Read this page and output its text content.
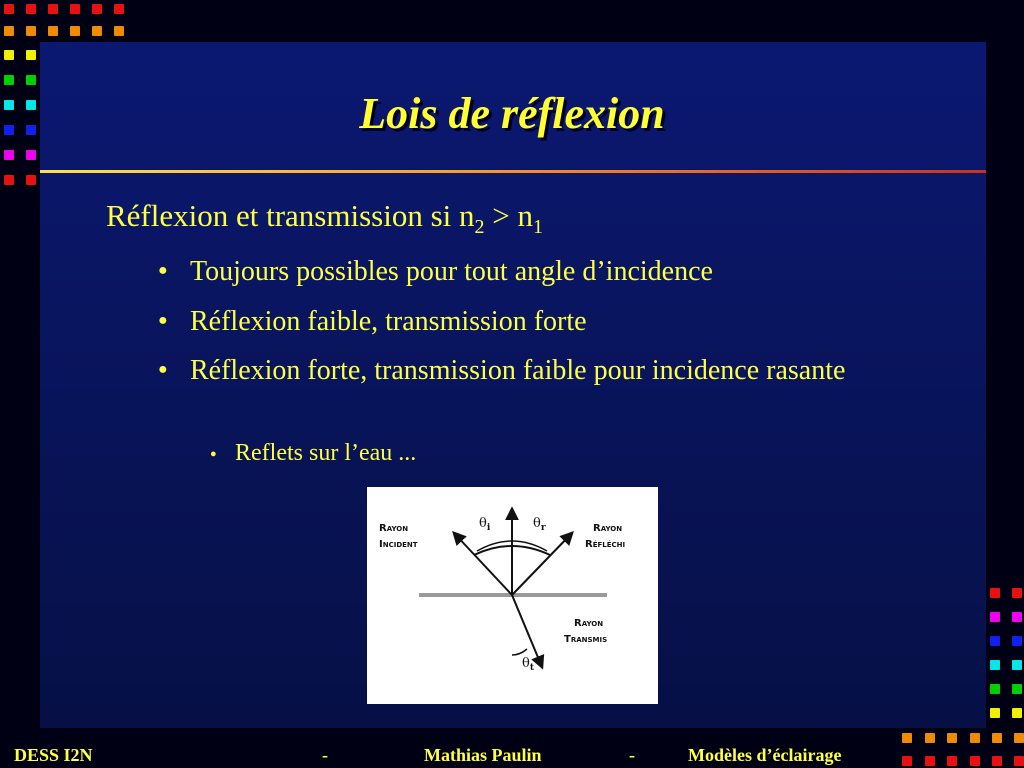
Lois de réflexion
Réflexion et transmission si $n_2 > n_1$
● Toujours possibles pour tout angle d’incidence
● Réflexion faible, transmission forte
● Réflexion forte, transmission faible pour incidence rasante
● Reflets sur l’eau ...
Rayon
Incident
Rayon
Réfléchi
Rayon
Transmis
$\theta_i$	$\theta_r$
$\theta_t$
DESS I2N	-	Mathias Paulin	-	Modèles d’éclairage
